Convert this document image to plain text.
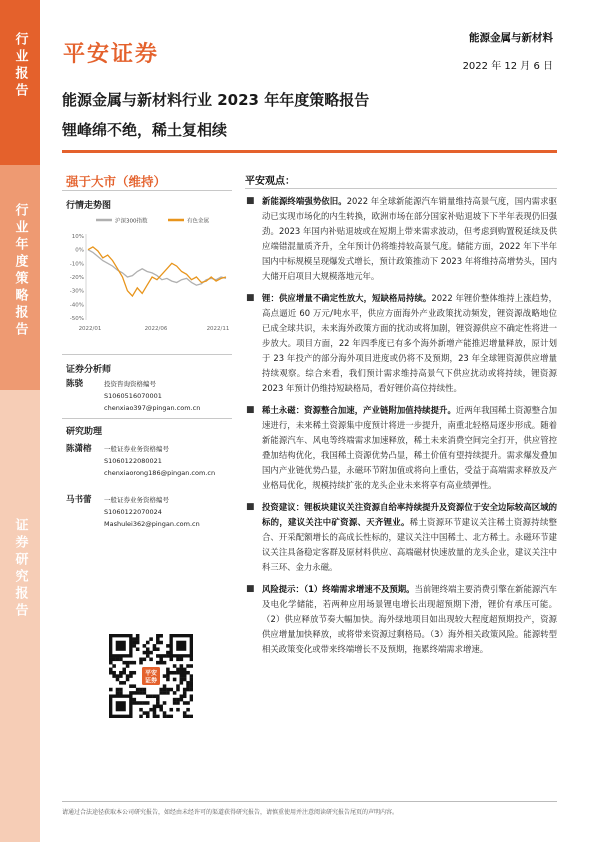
行业报告
行业年度策略报告
证券研究报告
平安证券
能源金属与新材料
2022 年 12 月 6 日
能源金属与新材料行业 2023 年年度策略报告
锂峰绵不绝，稀土复相续
强于大市（维持）
行情走势图
沪深300指数	有色金属
10%
0%
-10%
-20%
-30%
-40%
-50%
2022/01	2022/06	2022/11
证券分析师
陈骁	投资咨询资格编号
S1060516070001
chenxiao397@pingan.com.cn
研究助理
陈潇榕	一般证券业务资格编号
S1060122080021
chenxiaorong186@pingan.com.cn
马书蕾	一般证券业务资格编号
S1060122070024
Mashulei362@pingan.com.cn
平安
证券
平安观点：
■ 新能源终端强势依旧。2022 年全球新能源汽车销量维持高景气度，国内需求驱动已实现市场化的内生转换，欧洲市场在部分国家补贴退坡下下半年表现仍旧强劲。2023 年国内补贴退坡或在短期上带来需求波动，但考虑到购置税延续及供应端错混量质齐升，全年预计仍将维持较高景气度。储能方面，2022 年下半年国内中标规模呈现爆发式增长，预计政策推动下 2023 年将维持高增势头，国内大储开启项目大规模落地元年。
■ 锂：供应增量不确定性放大，短缺格局持续。2022 年锂价整体维持上涨趋势，高点逼近 60 万元/吨水平，供应方面海外产业政策扰动频发，锂资源战略地位已成全球共识，未来海外政策方面的扰动或将加剧，锂资源供应不确定性将进一步放大。项目方面，22 年四季度已有多个海外新增产能推迟增量释放，原计划于 23 年投产的部分海外项目进度或仍将不及预期，23 年全球锂资源供应增量持续观察。综合来看，我们预计需求维持高景气下供应扰动或将持续，锂资源 2023 年预计仍维持短缺格局，看好锂价高位持续性。
■ 稀土永磁：资源整合加速，产业链附加值持续提升。近两年我国稀土资源整合加速进行，未来稀土资源集中度预计将进一步提升，南重北轻格局逐步形成。随着新能源汽车、风电等终端需求加速释放，稀土未来消费空间完全打开，供应管控叠加结构优化，我国稀土资源优势凸显，稀土价值有望持续提升。需求爆发叠加国内产业链优势凸显，永磁环节附加值或将向上重估，受益于高端需求释放及产业格局优化，规模持续扩张的龙头企业未来将享有高业绩弹性。
■ 投资建议：锂板块建议关注资源自给率持续提升及资源位于安全边际较高区域的标的，建议关注中矿资源、天齐锂业。稀土资源环节建议关注稀土资源持续整合、开采配额增长的高成长性标的，建议关注中国稀土、北方稀土。永磁环节建议关注具备稳定客群及原材料供应、高端磁材快速放量的龙头企业，建议关注中科三环、金力永磁。
■ 风险提示：（1）终端需求增速不及预期。当前锂终端主要消费引擎在新能源汽车及电化学储能，若两种应用场景锂电增长出现超预期下滑，锂价有承压可能。（2）供应释放节奏大幅加快。海外绿地项目如出现较大程度超预期投产，资源供应增量加快释放，或将带来资源过剩格局。（3）海外相关政策风险。能源转型相关政策变化或带来终端增长不及预期，拖累终端需求增速。
请通过合法途径获取本公司研究报告，如经由未经许可的渠道获得研究报告，请慎重使用并注意阅读研究报告尾页的声明内容。
